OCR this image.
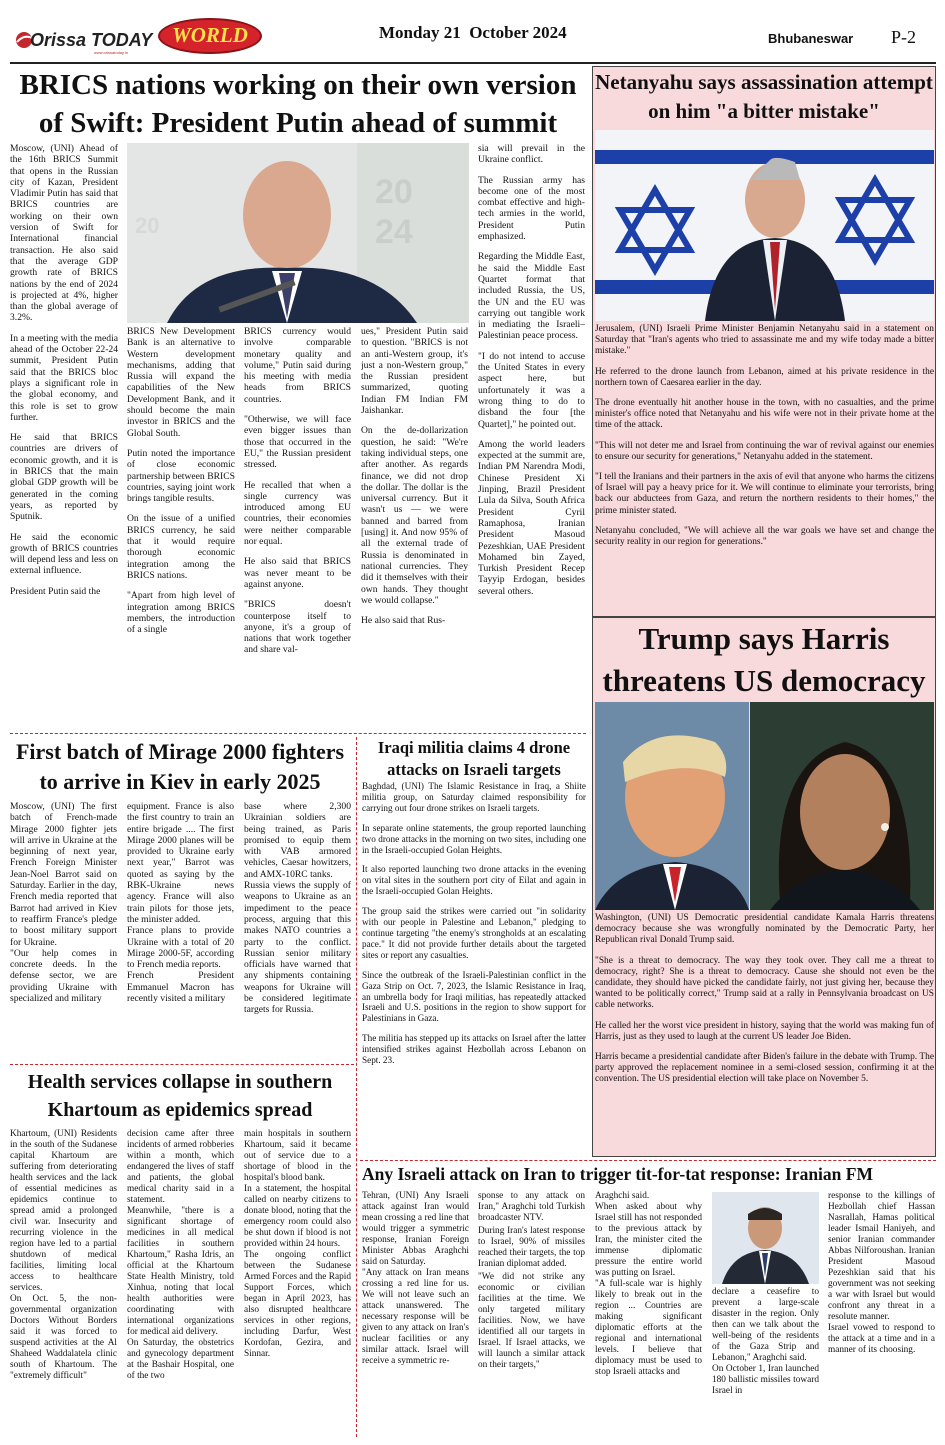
Orissa TODAY
www.orissatoday.in
WORLD	Monday 21  October 2024	Bhubaneswar P-2
BRICS nations working on their own version of Swift: President Putin ahead of summit

Moscow, (UNI) Ahead of the 16th BRICS Summit that opens in the Russian city of Kazan, President Vladimir Putin has said that BRICS countries are working on their own version of Swift for International financial transaction. He also said that the average GDP growth rate of BRICS nations by the end of 2024 is projected at 4%, higher than the global average of 3.2%.

In a meeting with the media ahead of the October 22-24 summit, President Putin said that the BRICS bloc plays a significant role in the global economy, and this role is set to grow further.

He said that BRICS countries are drivers of economic growth, and it is in BRICS that the main global GDP growth will be generated in the coming years, as reported by Sputnik.

He said the economic growth of BRICS countries will depend less and less on external influence.

President Putin said the

20
24
20

BRICS New Development Bank is an alternative to Western development mechanisms, adding that Russia will expand the capabilities of the New Development Bank, and it should become the main investor in BRICS and the Global South.

Putin noted the importance of close economic partnership between BRICS countries, saying joint work brings tangible results.

On the issue of a unified BRICS currency, he said that it would require thorough economic integration among the BRICS nations.

"Apart from high level of integration among BRICS members, the introduction of a single

BRICS currency would involve comparable monetary quality and volume," Putin said during his meeting with media heads from BRICS countries.

"Otherwise, we will face even bigger issues than those that occurred in the EU," the Russian president stressed.

He recalled that when a single currency was introduced among EU countries, their economies were neither comparable nor equal.

He also said that BRICS was never meant to be against anyone.

"BRICS doesn't counterpose itself to anyone, it's a group of nations that work together and share val-

ues," President Putin said to question. "BRICS is not an anti-Western group, it's just a non-Western group," the Russian president summarized, quoting Indian FM Indian FM Jaishankar.

On the de-dollarization question, he said: "We're taking individual steps, one after another. As regards finance, we did not drop the dollar. The dollar is the universal currency. But it wasn't us — we were banned and barred from [using] it. And now 95% of all the external trade of Russia is denominated in national currencies. They did it themselves with their own hands. They thought we would collapse."

He also said that Rus-

sia will prevail in the Ukraine conflict.

The Russian army has become one of the most combat effective and high-tech armies in the world, President Putin emphasized.

Regarding the Middle East, he said the Middle East Quartet format that included Russia, the US, the UN and the EU was carrying out tangible work in mediating the Israeli–Palestinian peace process.

"I do not intend to accuse the United States in every aspect here, but unfortunately it was a wrong thing to do to disband the four [the Quartet]," he pointed out.

Among the world leaders expected at the summit are, Indian PM Narendra Modi, Chinese President Xi Jinping, Brazil President Lula da Silva, South Africa President Cyril Ramaphosa, Iranian President Masoud Pezeshkian, UAE President Mohamed bin Zayed, Turkish President Recep Tayyip Erdogan, besides several others.

Netanyahu says assassination attempt on him "a bitter mistake"

Jerusalem, (UNI) Israeli Prime Minister Benjamin Netanyahu said in a statement on Saturday that "Iran's agents who tried to assassinate me and my wife today made a bitter mistake."

He referred to the drone launch from Lebanon, aimed at his private residence in the northern town of Caesarea earlier in the day.

The drone eventually hit another house in the town, with no casualties, and the prime minister's office noted that Netanyahu and his wife were not in their private home at the time of the attack.

"This will not deter me and Israel from continuing the war of revival against our enemies to ensure our security for generations," Netanyahu added in the statement.

"I tell the Iranians and their partners in the axis of evil that anyone who harms the citizens of Israel will pay a heavy price for it. We will continue to eliminate your terrorists, bring back our abductees from Gaza, and return the northern residents to their homes," the prime minister stated.

Netanyahu concluded, "We will achieve all the war goals we have set and change the security reality in our region for generations."

Trump says Harris threatens US democracy

Washington, (UNI) US Democratic presidential candidate Kamala Harris threatens democracy because she was wrongfully nominated by the Democratic Party, her Republican rival Donald Trump said.

"She is a threat to democracy. The way they took over. They call me a threat to democracy, right? She is a threat to democracy. Cause she should not even be the candidate, they should have picked the candidate fairly, not just giving her, because they wanted to be politically correct," Trump said at a rally in Pennsylvania broadcast on US cable networks.

He called her the worst vice president in history, saying that the world was making fun of Harris, just as they used to laugh at the current US leader Joe Biden.

Harris became a presidential candidate after Biden's failure in the debate with Trump. The party approved the replacement nominee in a semi-closed session, confirming it at the convention. The US presidential election will take place on November 5.

First batch of Mirage 2000 fighters to arrive in Kiev in early 2025

Moscow, (UNI) The first batch of French-made Mirage 2000 fighter jets will arrive in Ukraine at the beginning of next year, French Foreign Minister Jean-Noel Barrot said on Saturday. Earlier in the day, French media reported that Barrot had arrived in Kiev to reaffirm France's pledge to boost military support for Ukraine.

"Our help comes in concrete deeds. In the defense sector, we are providing Ukraine with specialized and military

equipment. France is also the first country to train an entire brigade .... The first Mirage 2000 planes will be provided to Ukraine early next year," Barrot was quoted as saying by the RBK-Ukraine news agency. France will also train pilots for those jets, the minister added.

France plans to provide Ukraine with a total of 20 Mirage 2000-5F, according to French media reports.

French President Emmanuel Macron has recently visited a military

base where 2,300 Ukrainian soldiers are being trained, as Paris promised to equip them with VAB armored vehicles, Caesar howitzers, and AMX-10RC tanks.

Russia views the supply of weapons to Ukraine as an impediment to the peace process, arguing that this makes NATO countries a party to the conflict. Russian senior military officials have warned that any shipments containing weapons for Ukraine will be considered legitimate targets for Russia.

Iraqi militia claims 4 drone attacks on Israeli targets

Baghdad, (UNI) The Islamic Resistance in Iraq, a Shiite militia group, on Saturday claimed responsibility for carrying out four drone strikes on Israeli targets.

In separate online statements, the group reported launching two drone attacks in the morning on two sites, including one in the Israeli-occupied Golan Heights.

It also reported launching two drone attacks in the evening on vital sites in the southern port city of Eilat and again in the Israeli-occupied Golan Heights.

The group said the strikes were carried out "in solidarity with our people in Palestine and Lebanon," pledging to continue targeting "the enemy's strongholds at an escalating pace." It did not provide further details about the targeted sites or report any casualties.

Since the outbreak of the Israeli-Palestinian conflict in the Gaza Strip on Oct. 7, 2023, the Islamic Resistance in Iraq, an umbrella body for Iraqi militias, has repeatedly attacked Israeli and U.S. positions in the region to show support for Palestinians in Gaza.

The militia has stepped up its attacks on Israel after the latter intensified strikes against Hezbollah across Lebanon on Sept. 23.

Health services collapse in southern Khartoum as epidemics spread

Khartoum, (UNI) Residents in the south of the Sudanese capital Khartoum are suffering from deteriorating health services and the lack of essential medicines as epidemics continue to spread amid a prolonged civil war. Insecurity and recurring violence in the region have led to a partial shutdown of medical facilities, limiting local access to healthcare services.

On Oct. 5, the non-governmental organization Doctors Without Borders said it was forced to suspend activities at the Al Shaheed Waddalatela clinic south of Khartoum. The "extremely difficult"

decision came after three incidents of armed robberies within a month, which endangered the lives of staff and patients, the global medical charity said in a statement.

Meanwhile, "there is a significant shortage of medicines in all medical facilities in southern Khartoum," Rasha Idris, an official at the Khartoum State Health Ministry, told Xinhua, noting that local health authorities were coordinating with international organizations for medical aid delivery.

On Saturday, the obstetrics and gynecology department at the Bashair Hospital, one of the two

main hospitals in southern Khartoum, said it became out of service due to a shortage of blood in the hospital's blood bank.

In a statement, the hospital called on nearby citizens to donate blood, noting that the emergency room could also be shut down if blood is not provided within 24 hours.

The ongoing conflict between the Sudanese Armed Forces and the Rapid Support Forces, which began in April 2023, has also disrupted healthcare services in other regions, including Darfur, West Kordofan, Gezira, and Sinnar.

Any Israeli attack on Iran to trigger tit-for-tat response: Iranian FM

Tehran, (UNI) Any Israeli attack against Iran would mean crossing a red line that would trigger a symmetric response, Iranian Foreign Minister Abbas Araghchi said on Saturday.

"Any attack on Iran means crossing a red line for us. We will not leave such an attack unanswered. The necessary response will be given to any attack on Iran's nuclear facilities or any similar attack. Israel will receive a symmetric re-

sponse to any attack on Iran," Araghchi told Turkish broadcaster NTV.

During Iran's latest response to Israel, 90% of missiles reached their targets, the top Iranian diplomat added.

"We did not strike any economic or civilian facilities at the time. We only targeted military facilities. Now, we have identified all our targets in Israel. If Israel attacks, we will launch a similar attack on their targets,"

Araghchi said.

When asked about why Israel still has not responded to the previous attack by Iran, the minister cited the immense diplomatic pressure the entire world was putting on Israel.

"A full-scale war is highly likely to break out in the region ... Countries are making significant diplomatic efforts at the regional and international levels. I believe that diplomacy must be used to stop Israeli attacks and

declare a ceasefire to prevent a large-scale disaster in the region. Only then can we talk about the well-being of the residents of the Gaza Strip and Lebanon," Araghchi said.

On October 1, Iran launched 180 ballistic missiles toward Israel in

response to the killings of Hezbollah chief Hassan Nasrallah, Hamas political leader Ismail Haniyeh, and senior Iranian commander Abbas Nilforoushan. Iranian President Masoud Pezeshkian said that his government was not seeking a war with Israel but would confront any threat in a resolute manner.

Israel vowed to respond to the attack at a time and in a manner of its choosing.
